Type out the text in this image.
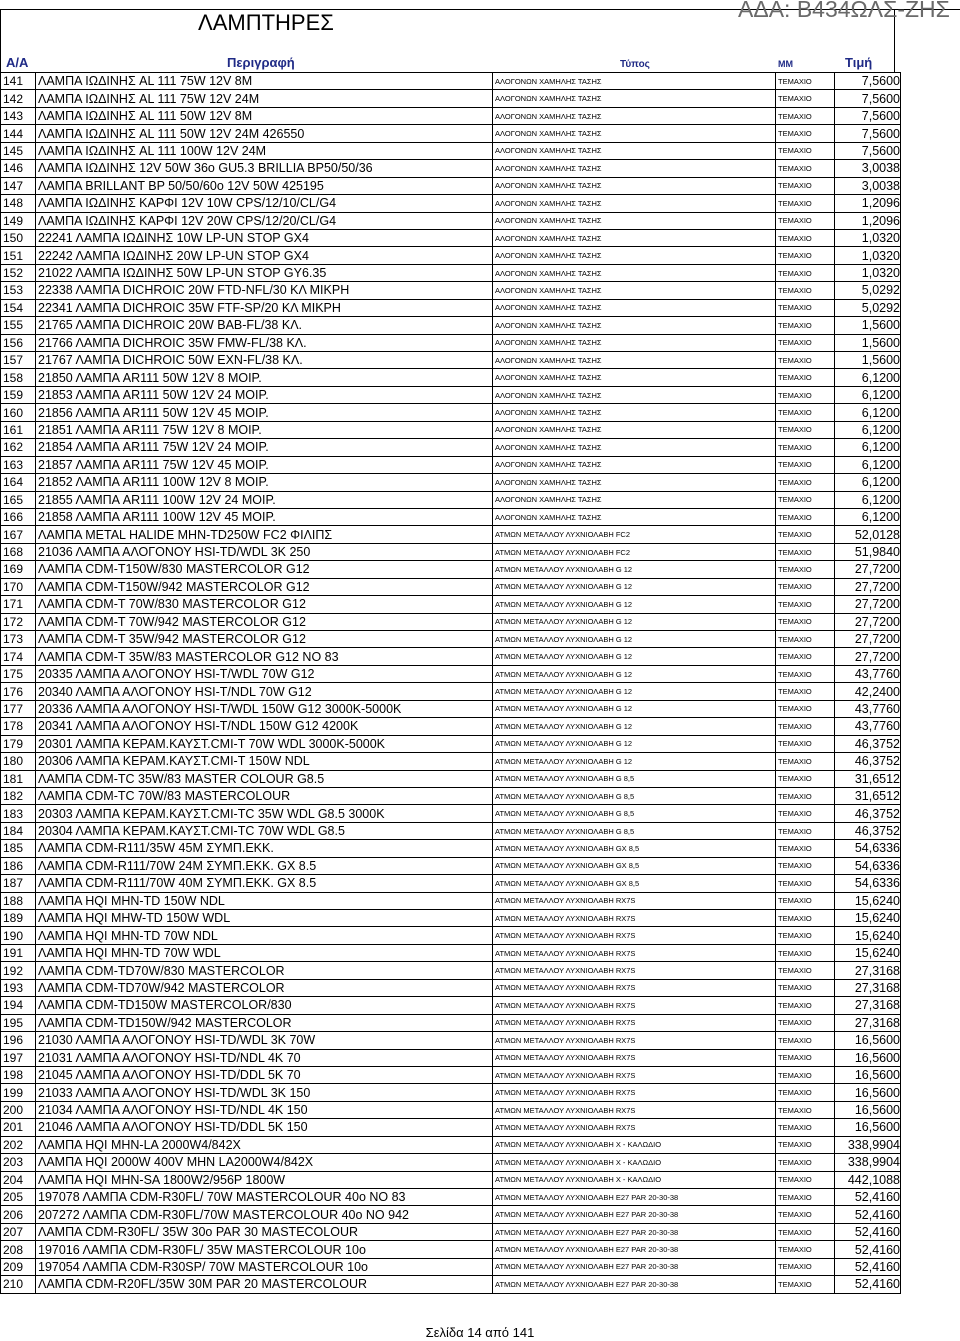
ΛΑΜΠΤΗΡΕΣ
ΑΔΑ: Β434ΩΛΣ-ΖΗΣ
Α/Α	Περιγραφή	Τύπος	ΜΜ	Τιμή
141	ΛΑΜΠΑ ΙΩΔΙΝΗΣ AL 111 75W 12V 8M	ΑΛΟΓΟΝΩΝ ΧΑΜΗΛΗΣ ΤΑΣΗΣ	ΤΕΜΑΧΙΟ	7,5600
142	ΛΑΜΠΑ ΙΩΔΙΝΗΣ AL 111 75W 12V 24M	ΑΛΟΓΟΝΩΝ ΧΑΜΗΛΗΣ ΤΑΣΗΣ	ΤΕΜΑΧΙΟ	7,5600
143	ΛΑΜΠΑ ΙΩΔΙΝΗΣ AL 111 50W 12V 8M	ΑΛΟΓΟΝΩΝ ΧΑΜΗΛΗΣ ΤΑΣΗΣ	ΤΕΜΑΧΙΟ	7,5600
144	ΛΑΜΠΑ ΙΩΔΙΝΗΣ AL 111 50W 12V 24M 426550	ΑΛΟΓΟΝΩΝ ΧΑΜΗΛΗΣ ΤΑΣΗΣ	ΤΕΜΑΧΙΟ	7,5600
145	ΛΑΜΠΑ ΙΩΔΙΝΗΣ AL 111 100W 12V 24M	ΑΛΟΓΟΝΩΝ ΧΑΜΗΛΗΣ ΤΑΣΗΣ	ΤΕΜΑΧΙΟ	7,5600
146	ΛΑΜΠΑ ΙΩΔΙΝΗΣ 12V 50W 36o GU5.3 BRILLIA BP50/50/36	ΑΛΟΓΟΝΩΝ ΧΑΜΗΛΗΣ ΤΑΣΗΣ	ΤΕΜΑΧΙΟ	3,0038
147	ΛΑΜΠΑ BRILLANT BP 50/50/60o 12V 50W 425195	ΑΛΟΓΟΝΩΝ ΧΑΜΗΛΗΣ ΤΑΣΗΣ	ΤΕΜΑΧΙΟ	3,0038
148	ΛΑΜΠΑ ΙΩΔΙΝΗΣ ΚΑΡΦΙ 12V 10W CPS/12/10/CL/G4	ΑΛΟΓΟΝΩΝ ΧΑΜΗΛΗΣ ΤΑΣΗΣ	ΤΕΜΑΧΙΟ	1,2096
149	ΛΑΜΠΑ ΙΩΔΙΝΗΣ ΚΑΡΦΙ 12V 20W CPS/12/20/CL/G4	ΑΛΟΓΟΝΩΝ ΧΑΜΗΛΗΣ ΤΑΣΗΣ	ΤΕΜΑΧΙΟ	1,2096
150	22241 ΛΑΜΠΑ ΙΩΔΙΝΗΣ 10W LP-UN STOP GX4	ΑΛΟΓΟΝΩΝ ΧΑΜΗΛΗΣ ΤΑΣΗΣ	ΤΕΜΑΧΙΟ	1,0320
151	22242 ΛΑΜΠΑ ΙΩΔΙΝΗΣ 20W LP-UN STOP GX4	ΑΛΟΓΟΝΩΝ ΧΑΜΗΛΗΣ ΤΑΣΗΣ	ΤΕΜΑΧΙΟ	1,0320
152	21022 ΛΑΜΠΑ ΙΩΔΙΝΗΣ 50W LP-UN STOP GY6.35	ΑΛΟΓΟΝΩΝ ΧΑΜΗΛΗΣ ΤΑΣΗΣ	ΤΕΜΑΧΙΟ	1,0320
153	22338 ΛΑΜΠΑ DICHROIC 20W FTD-NFL/30 ΚΛ ΜΙΚΡΗ	ΑΛΟΓΟΝΩΝ ΧΑΜΗΛΗΣ ΤΑΣΗΣ	ΤΕΜΑΧΙΟ	5,0292
154	22341 ΛΑΜΠΑ DICHROIC 35W FTF-SP/20 ΚΛ ΜΙΚΡΗ	ΑΛΟΓΟΝΩΝ ΧΑΜΗΛΗΣ ΤΑΣΗΣ	ΤΕΜΑΧΙΟ	5,0292
155	21765 ΛΑΜΠΑ DICHROIC 20W BAB-FL/38 ΚΛ.	ΑΛΟΓΟΝΩΝ ΧΑΜΗΛΗΣ ΤΑΣΗΣ	ΤΕΜΑΧΙΟ	1,5600
156	21766 ΛΑΜΠΑ DICHROIC 35W FMW-FL/38 ΚΛ.	ΑΛΟΓΟΝΩΝ ΧΑΜΗΛΗΣ ΤΑΣΗΣ	ΤΕΜΑΧΙΟ	1,5600
157	21767 ΛΑΜΠΑ DICHROIC 50W EXN-FL/38 ΚΛ.	ΑΛΟΓΟΝΩΝ ΧΑΜΗΛΗΣ ΤΑΣΗΣ	ΤΕΜΑΧΙΟ	1,5600
158	21850 ΛΑΜΠΑ AR111 50W 12V 8 ΜΟΙΡ.	ΑΛΟΓΟΝΩΝ ΧΑΜΗΛΗΣ ΤΑΣΗΣ	ΤΕΜΑΧΙΟ	6,1200
159	21853 ΛΑΜΠΑ AR111 50W 12V 24 ΜΟΙΡ.	ΑΛΟΓΟΝΩΝ ΧΑΜΗΛΗΣ ΤΑΣΗΣ	ΤΕΜΑΧΙΟ	6,1200
160	21856 ΛΑΜΠΑ AR111 50W 12V 45 ΜΟΙΡ.	ΑΛΟΓΟΝΩΝ ΧΑΜΗΛΗΣ ΤΑΣΗΣ	ΤΕΜΑΧΙΟ	6,1200
161	21851 ΛΑΜΠΑ AR111 75W 12V 8 ΜΟΙΡ.	ΑΛΟΓΟΝΩΝ ΧΑΜΗΛΗΣ ΤΑΣΗΣ	ΤΕΜΑΧΙΟ	6,1200
162	21854 ΛΑΜΠΑ AR111 75W 12V 24 ΜΟΙΡ.	ΑΛΟΓΟΝΩΝ ΧΑΜΗΛΗΣ ΤΑΣΗΣ	ΤΕΜΑΧΙΟ	6,1200
163	21857 ΛΑΜΠΑ AR111 75W 12V 45 ΜΟΙΡ.	ΑΛΟΓΟΝΩΝ ΧΑΜΗΛΗΣ ΤΑΣΗΣ	ΤΕΜΑΧΙΟ	6,1200
164	21852 ΛΑΜΠΑ AR111 100W 12V 8 ΜΟΙΡ.	ΑΛΟΓΟΝΩΝ ΧΑΜΗΛΗΣ ΤΑΣΗΣ	ΤΕΜΑΧΙΟ	6,1200
165	21855 ΛΑΜΠΑ AR111 100W 12V 24 ΜΟΙΡ.	ΑΛΟΓΟΝΩΝ ΧΑΜΗΛΗΣ ΤΑΣΗΣ	ΤΕΜΑΧΙΟ	6,1200
166	21858 ΛΑΜΠΑ AR111 100W 12V 45 ΜΟΙΡ.	ΑΛΟΓΟΝΩΝ ΧΑΜΗΛΗΣ ΤΑΣΗΣ	ΤΕΜΑΧΙΟ	6,1200
167	ΛΑΜΠΑ METAL HALIDE MHN-TD250W FC2 ΦΙΛΙΠΣ	ΑΤΜΩΝ ΜΕΤΑΛΛΟΥ ΛΥΧΝΙΟΛΑΒΗ FC2	ΤΕΜΑΧΙΟ	52,0128
168	21036 ΛΑΜΠΑ ΑΛΟΓΟΝΟΥ HSI-TD/WDL 3K 250	ΑΤΜΩΝ ΜΕΤΑΛΛΟΥ ΛΥΧΝΙΟΛΑΒΗ FC2	ΤΕΜΑΧΙΟ	51,9840
169	ΛΑΜΠΑ CDM-T150W/830 MASTERCOLOR G12	ΑΤΜΩΝ ΜΕΤΑΛΛΟΥ ΛΥΧΝΙΟΛΑΒΗ G 12	ΤΕΜΑΧΙΟ	27,7200
170	ΛΑΜΠΑ CDM-T150W/942 MASTERCOLOR G12	ΑΤΜΩΝ ΜΕΤΑΛΛΟΥ ΛΥΧΝΙΟΛΑΒΗ G 12	ΤΕΜΑΧΙΟ	27,7200
171	ΛΑΜΠΑ CDM-T 70W/830 MASTERCOLOR G12	ΑΤΜΩΝ ΜΕΤΑΛΛΟΥ ΛΥΧΝΙΟΛΑΒΗ G 12	ΤΕΜΑΧΙΟ	27,7200
172	ΛΑΜΠΑ CDM-T 70W/942 MASTERCOLOR G12	ΑΤΜΩΝ ΜΕΤΑΛΛΟΥ ΛΥΧΝΙΟΛΑΒΗ G 12	ΤΕΜΑΧΙΟ	27,7200
173	ΛΑΜΠΑ CDM-T 35W/942 MASTERCOLOR G12	ΑΤΜΩΝ ΜΕΤΑΛΛΟΥ ΛΥΧΝΙΟΛΑΒΗ G 12	ΤΕΜΑΧΙΟ	27,7200
174	ΛΑΜΠΑ CDM-T 35W/83 MASTERCOLOR G12 NO 83	ΑΤΜΩΝ ΜΕΤΑΛΛΟΥ ΛΥΧΝΙΟΛΑΒΗ G 12	ΤΕΜΑΧΙΟ	27,7200
175	20335 ΛΑΜΠΑ ΑΛΟΓΟΝΟΥ HSI-T/WDL 70W G12	ΑΤΜΩΝ ΜΕΤΑΛΛΟΥ ΛΥΧΝΙΟΛΑΒΗ G 12	ΤΕΜΑΧΙΟ	43,7760
176	20340 ΛΑΜΠΑ ΑΛΟΓΟΝΟΥ HSI-T/NDL 70W G12	ΑΤΜΩΝ ΜΕΤΑΛΛΟΥ ΛΥΧΝΙΟΛΑΒΗ G 12	ΤΕΜΑΧΙΟ	42,2400
177	20336 ΛΑΜΠΑ ΑΛΟΓΟΝΟΥ HSI-T/WDL 150W G12 3000K-5000K	ΑΤΜΩΝ ΜΕΤΑΛΛΟΥ ΛΥΧΝΙΟΛΑΒΗ G 12	ΤΕΜΑΧΙΟ	43,7760
178	20341 ΛΑΜΠΑ ΑΛΟΓΟΝΟΥ HSI-T/NDL 150W G12 4200K	ΑΤΜΩΝ ΜΕΤΑΛΛΟΥ ΛΥΧΝΙΟΛΑΒΗ G 12	ΤΕΜΑΧΙΟ	43,7760
179	20301 ΛΑΜΠΑ ΚΕΡΑΜ.ΚΑΥΣΤ.CMI-T 70W WDL 3000K-5000K	ΑΤΜΩΝ ΜΕΤΑΛΛΟΥ ΛΥΧΝΙΟΛΑΒΗ G 12	ΤΕΜΑΧΙΟ	46,3752
180	20306 ΛΑΜΠΑ ΚΕΡΑΜ.ΚΑΥΣΤ.CMI-T 150W NDL	ΑΤΜΩΝ ΜΕΤΑΛΛΟΥ ΛΥΧΝΙΟΛΑΒΗ G 12	ΤΕΜΑΧΙΟ	46,3752
181	ΛΑΜΠΑ CDM-TC 35W/83 MASTER COLOUR G8.5	ΑΤΜΩΝ ΜΕΤΑΛΛΟΥ ΛΥΧΝΙΟΛΑΒΗ G 8,5	ΤΕΜΑΧΙΟ	31,6512
182	ΛΑΜΠΑ CDM-TC 70W/83 MASTERCOLOUR	ΑΤΜΩΝ ΜΕΤΑΛΛΟΥ ΛΥΧΝΙΟΛΑΒΗ G 8,5	ΤΕΜΑΧΙΟ	31,6512
183	20303 ΛΑΜΠΑ ΚΕΡΑΜ.ΚΑΥΣΤ.CMI-TC 35W WDL G8.5 3000K	ΑΤΜΩΝ ΜΕΤΑΛΛΟΥ ΛΥΧΝΙΟΛΑΒΗ G 8,5	ΤΕΜΑΧΙΟ	46,3752
184	20304 ΛΑΜΠΑ ΚΕΡΑΜ.ΚΑΥΣΤ.CMI-TC 70W WDL G8.5	ΑΤΜΩΝ ΜΕΤΑΛΛΟΥ ΛΥΧΝΙΟΛΑΒΗ G 8,5	ΤΕΜΑΧΙΟ	46,3752
185	ΛΑΜΠΑ CDM-R111/35W 45M ΣΥΜΠ.ΕΚΚ.	ΑΤΜΩΝ ΜΕΤΑΛΛΟΥ ΛΥΧΝΙΟΛΑΒΗ GX 8,5	ΤΕΜΑΧΙΟ	54,6336
186	ΛΑΜΠΑ CDM-R111/70W 24M ΣΥΜΠ.ΕΚΚ. GX 8.5	ΑΤΜΩΝ ΜΕΤΑΛΛΟΥ ΛΥΧΝΙΟΛΑΒΗ GX 8,5	ΤΕΜΑΧΙΟ	54,6336
187	ΛΑΜΠΑ CDM-R111/70W 40M ΣΥΜΠ.ΕΚΚ. GX 8.5	ΑΤΜΩΝ ΜΕΤΑΛΛΟΥ ΛΥΧΝΙΟΛΑΒΗ GX 8,5	ΤΕΜΑΧΙΟ	54,6336
188	ΛΑΜΠΑ HQI MHN-TD 150W NDL	ΑΤΜΩΝ ΜΕΤΑΛΛΟΥ ΛΥΧΝΙΟΛΑΒΗ RX7S	ΤΕΜΑΧΙΟ	15,6240
189	ΛΑΜΠΑ HQI MHW-TD 150W WDL	ΑΤΜΩΝ ΜΕΤΑΛΛΟΥ ΛΥΧΝΙΟΛΑΒΗ RX7S	ΤΕΜΑΧΙΟ	15,6240
190	ΛΑΜΠΑ HQI MHN-TD 70W NDL	ΑΤΜΩΝ ΜΕΤΑΛΛΟΥ ΛΥΧΝΙΟΛΑΒΗ RX7S	ΤΕΜΑΧΙΟ	15,6240
191	ΛΑΜΠΑ HQI MHN-TD 70W WDL	ΑΤΜΩΝ ΜΕΤΑΛΛΟΥ ΛΥΧΝΙΟΛΑΒΗ RX7S	ΤΕΜΑΧΙΟ	15,6240
192	ΛΑΜΠΑ CDM-TD70W/830 MASTERCOLOR	ΑΤΜΩΝ ΜΕΤΑΛΛΟΥ ΛΥΧΝΙΟΛΑΒΗ RX7S	ΤΕΜΑΧΙΟ	27,3168
193	ΛΑΜΠΑ CDM-TD70W/942 MASTERCOLOR	ΑΤΜΩΝ ΜΕΤΑΛΛΟΥ ΛΥΧΝΙΟΛΑΒΗ RX7S	ΤΕΜΑΧΙΟ	27,3168
194	ΛΑΜΠΑ CDM-TD150W MASTERCOLOR/830	ΑΤΜΩΝ ΜΕΤΑΛΛΟΥ ΛΥΧΝΙΟΛΑΒΗ RX7S	ΤΕΜΑΧΙΟ	27,3168
195	ΛΑΜΠΑ CDM-TD150W/942 MASTERCOLOR	ΑΤΜΩΝ ΜΕΤΑΛΛΟΥ ΛΥΧΝΙΟΛΑΒΗ RX7S	ΤΕΜΑΧΙΟ	27,3168
196	21030 ΛΑΜΠΑ ΑΛΟΓΟΝΟΥ HSI-TD/WDL 3K 70W	ΑΤΜΩΝ ΜΕΤΑΛΛΟΥ ΛΥΧΝΙΟΛΑΒΗ RX7S	ΤΕΜΑΧΙΟ	16,5600
197	21031 ΛΑΜΠΑ ΑΛΟΓΟΝΟΥ HSI-TD/NDL 4K 70	ΑΤΜΩΝ ΜΕΤΑΛΛΟΥ ΛΥΧΝΙΟΛΑΒΗ RX7S	ΤΕΜΑΧΙΟ	16,5600
198	21045 ΛΑΜΠΑ ΑΛΟΓΟΝΟΥ HSI-TD/DDL 5K 70	ΑΤΜΩΝ ΜΕΤΑΛΛΟΥ ΛΥΧΝΙΟΛΑΒΗ RX7S	ΤΕΜΑΧΙΟ	16,5600
199	21033 ΛΑΜΠΑ ΑΛΟΓΟΝΟΥ HSI-TD/WDL 3K 150	ΑΤΜΩΝ ΜΕΤΑΛΛΟΥ ΛΥΧΝΙΟΛΑΒΗ RX7S	ΤΕΜΑΧΙΟ	16,5600
200	21034 ΛΑΜΠΑ ΑΛΟΓΟΝΟΥ HSI-TD/NDL 4K 150	ΑΤΜΩΝ ΜΕΤΑΛΛΟΥ ΛΥΧΝΙΟΛΑΒΗ RX7S	ΤΕΜΑΧΙΟ	16,5600
201	21046 ΛΑΜΠΑ ΑΛΟΓΟΝΟΥ HSI-TD/DDL 5K 150	ΑΤΜΩΝ ΜΕΤΑΛΛΟΥ ΛΥΧΝΙΟΛΑΒΗ RX7S	ΤΕΜΑΧΙΟ	16,5600
202	ΛΑΜΠΑ HQI MHN-LA 2000W4/842X	ΑΤΜΩΝ ΜΕΤΑΛΛΟΥ ΛΥΧΝΙΟΛΑΒΗ Χ - ΚΑΛΩΔΙΟ	ΤΕΜΑΧΙΟ	338,9904
203	ΛΑΜΠΑ HQI 2000W 400V MHN LA2000W4/842X	ΑΤΜΩΝ ΜΕΤΑΛΛΟΥ ΛΥΧΝΙΟΛΑΒΗ Χ - ΚΑΛΩΔΙΟ	ΤΕΜΑΧΙΟ	338,9904
204	ΛΑΜΠΑ HQI MHN-SA 1800W2/956P 1800W	ΑΤΜΩΝ ΜΕΤΑΛΛΟΥ ΛΥΧΝΙΟΛΑΒΗ Χ - ΚΑΛΩΔΙΟ	ΤΕΜΑΧΙΟ	442,1088
205	197078 ΛΑΜΠΑ CDM-R30FL/ 70W MASTERCOLOUR 40o NO 83	ΑΤΜΩΝ ΜΕΤΑΛΛΟΥ ΛΥΧΝΙΟΛΑΒΗ E27 PAR 20-30-38	ΤΕΜΑΧΙΟ	52,4160
206	207272 ΛΑΜΠΑ CDM-R30FL/70W MASTERCOLOUR 40o NO 942	ΑΤΜΩΝ ΜΕΤΑΛΛΟΥ ΛΥΧΝΙΟΛΑΒΗ E27 PAR 20-30-38	ΤΕΜΑΧΙΟ	52,4160
207	ΛΑΜΠΑ CDM-R30FL/ 35W 30o PAR 30 MASTECOLOUR	ΑΤΜΩΝ ΜΕΤΑΛΛΟΥ ΛΥΧΝΙΟΛΑΒΗ E27 PAR 20-30-38	ΤΕΜΑΧΙΟ	52,4160
208	197016 ΛΑΜΠΑ CDM-R30FL/ 35W MASTERCOLOUR 10o	ΑΤΜΩΝ ΜΕΤΑΛΛΟΥ ΛΥΧΝΙΟΛΑΒΗ E27 PAR 20-30-38	ΤΕΜΑΧΙΟ	52,4160
209	197054 ΛΑΜΠΑ CDM-R30SP/ 70W MASTERCOLOUR 10o	ΑΤΜΩΝ ΜΕΤΑΛΛΟΥ ΛΥΧΝΙΟΛΑΒΗ E27 PAR 20-30-38	ΤΕΜΑΧΙΟ	52,4160
210	ΛΑΜΠΑ CDM-R20FL/35W 30M PAR 20 MASTERCOLOUR	ΑΤΜΩΝ ΜΕΤΑΛΛΟΥ ΛΥΧΝΙΟΛΑΒΗ E27 PAR 20-30-38	ΤΕΜΑΧΙΟ	52,4160
Σελίδα 14 από 141
